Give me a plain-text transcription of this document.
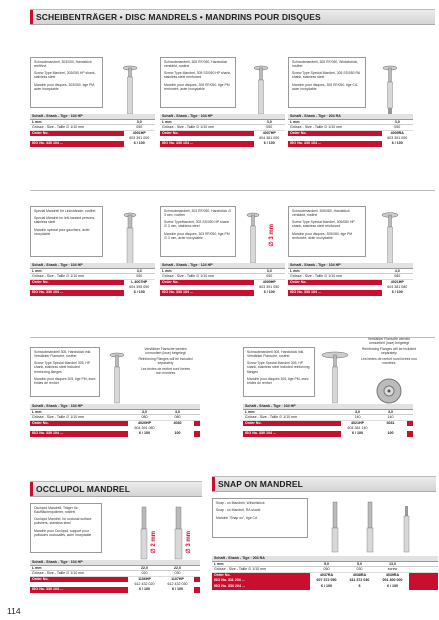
SCHEIBENTRÄGER • DISC MANDRELS • MANDRINS POUR DISQUES
Schraubmandrell, 303/050, Handstück reefthrvl
Screw Type Mandrel, 303/050 HP shank, stainless steel
Mandrin pour disques, 303/050, tige PM, acier inoxydable
Schaft - Shank - Tige · 104 HP
L mm	3,0
Grösse - Size - Taille ∅ 1/10 mm	050
Order No.	4001HP
603 391 000
ISO No. 330 104 ...	6 / 100
Schraubmandrell, 305 RF/050, Handstück verstärkt, rostfrei
Screw Type Mandrel, 305 SS/050 HP shank, stainless steel reinforced
Mandrin pour disques, 305 RF/050, tige PM renforcée, acier inoxydable
Schaft - Shank - Tige · 104 HP
L mm	3,0
Grösse - Size - Taille ∅ 1/10 mm	050
Order No.	4007HP
604 381 050
ISO No. 330 104 ...	6 / 100
Schraubmandrell, 305 RF/050, Winkelstück, rostfrei
Screw Type Special Mandrel, 305 SS/050 RA shank, stainless steel
Mandrin pour disques, 305 RF/050, tige CA, acier inoxydable
Schaft - Shank - Tige · 204 RA
L mm	3,0
Grösse - Size - Taille ∅ 1/10 mm	050
Order No.	4005RA
603 391 050
ISO No. 330 104 ...	6 / 100
Spezial Mandrell für Linkshänder, rostfrei
Special Mandrel for left-handed persons, stainless steel
Mandrin spécial pour gauchers, acier inoxydable
Schaft - Shank - Tige · 104 HP
L mm	3,0
Grösse - Size - Taille ∅ 1/10 mm	050
Order No.	L 4007HP
604 395 050
ISO No. 330 104 ...	6 / 100
Schraubmandrell, 303 RF/050, Handstück ∅ 3 mm, rostfrei
Screw TypeMandrel, 303 SS/050 HP shank ∅ 3 mm, stainless steel
Mandrin pour disques, 303 RF/050, tige PM ∅ 3 mm, acier inoxydable	∅ 3 mm
Schaft - Shank - Tige · 124 HP
L mm	3,0
Grösse - Size - Taille ∅ 1/10 mm	050
Order No.	4009HP
603 391 050
ISO No. 330 104 ...	6 / 100
Schraubmandrell, 305/080, Handstück verstärkt, rostfrei
Screw Type Special Mandrel, 305/080 HP shank, stainless steel reinforced
Mandrin pour disques, 305/080, tige PM renforcée, acier inoxydable
Schaft - Shank - Tige · 104 HP
L mm	4,0
Grösse - Size - Taille ∅ 1/10 mm	080
Order No.	4021HP
604 381 080
ISO No. 330 104 ...	6 / 100
Schraubmandrell 305, Handstück inkl. Verstärker Flansche, rostfrei
Screw Type Special Mandrel 305, HP shank, stainless steel included reinforcing flanges
Mandrin pour disques 305, tige PM, avec brides de renfort
Verstärker Flansche werden unmontiert (lose) beigelegt
Reinforcing Flanges will be included separately
Les brides de renfort sont livrées non montées
Schaft - Shank - Tige · 104 HP
L mm	3,0	3,0
Grösse - Size - Taille ∅ 1/10 mm	080	080
Order No.	4020HP	4030
604 391 080
ISO No. 330 104 ...	6 / 100	100
Schraubmandrell 305, Handstück inkl. Verstärker Flansche, rostfrei
Screw Type Special Mandrel 305, HP shank, stainless steel included reinforcing flanges
Mandrin pour disques 305, tige PM, avec brides de renfort
Verstärker Flansche werden unmontiert (lose) beigelegt
Reinforcing Flanges will be included separately
Les brides de renfort sont livrées non montées
Schaft - Shank - Tige · 104 HP
L mm	3,0	3,0
Grösse - Size - Taille ∅ 1/10 mm	140	140
Order No.	4021HP	4031
604 381 140
ISO No. 330 104 ...	6 / 100	100
OCCLUPOL MANDREL	SNAP ON MANDREL
Occlupol Mandrell, Träger für Kaufflächenpolierer, rostfrei
Occlupol Mandrel, for occlusal surface polishers, stainless steel
Mandrin pour Occlupol, support pour polissoirs occlusales, acier inoxydable	∅ 2 mm	∅ 3 mm
Schaft - Shank - Tige · 104 HP
L mm	22,0	22,0
Grösse - Size - Taille ∅ 1/10 mm	020	030
Order No.	1106HP	1107HP
612 432 020	612 432 030
ISO No. 330 104 ...	6 / 100	6 / 100
Snap - on Mandrell, Winkelstück
Snap - on Mandrel, RA shank
Mandrin "Snap on", tige CA
Schaft - Shank - Tige · 204 RA
L mm	5,0	5,0	13,0
Grösse - Size - Taille ∅ 1/10 mm	050	030	screw
Order No.	4037RA	4038RA	4039RA
ISO No. 311 204 ...	607 372 050	611 372 030	001 300 000
ISO No. 330 204 ...	6 / 100	6	6 / 100
114
